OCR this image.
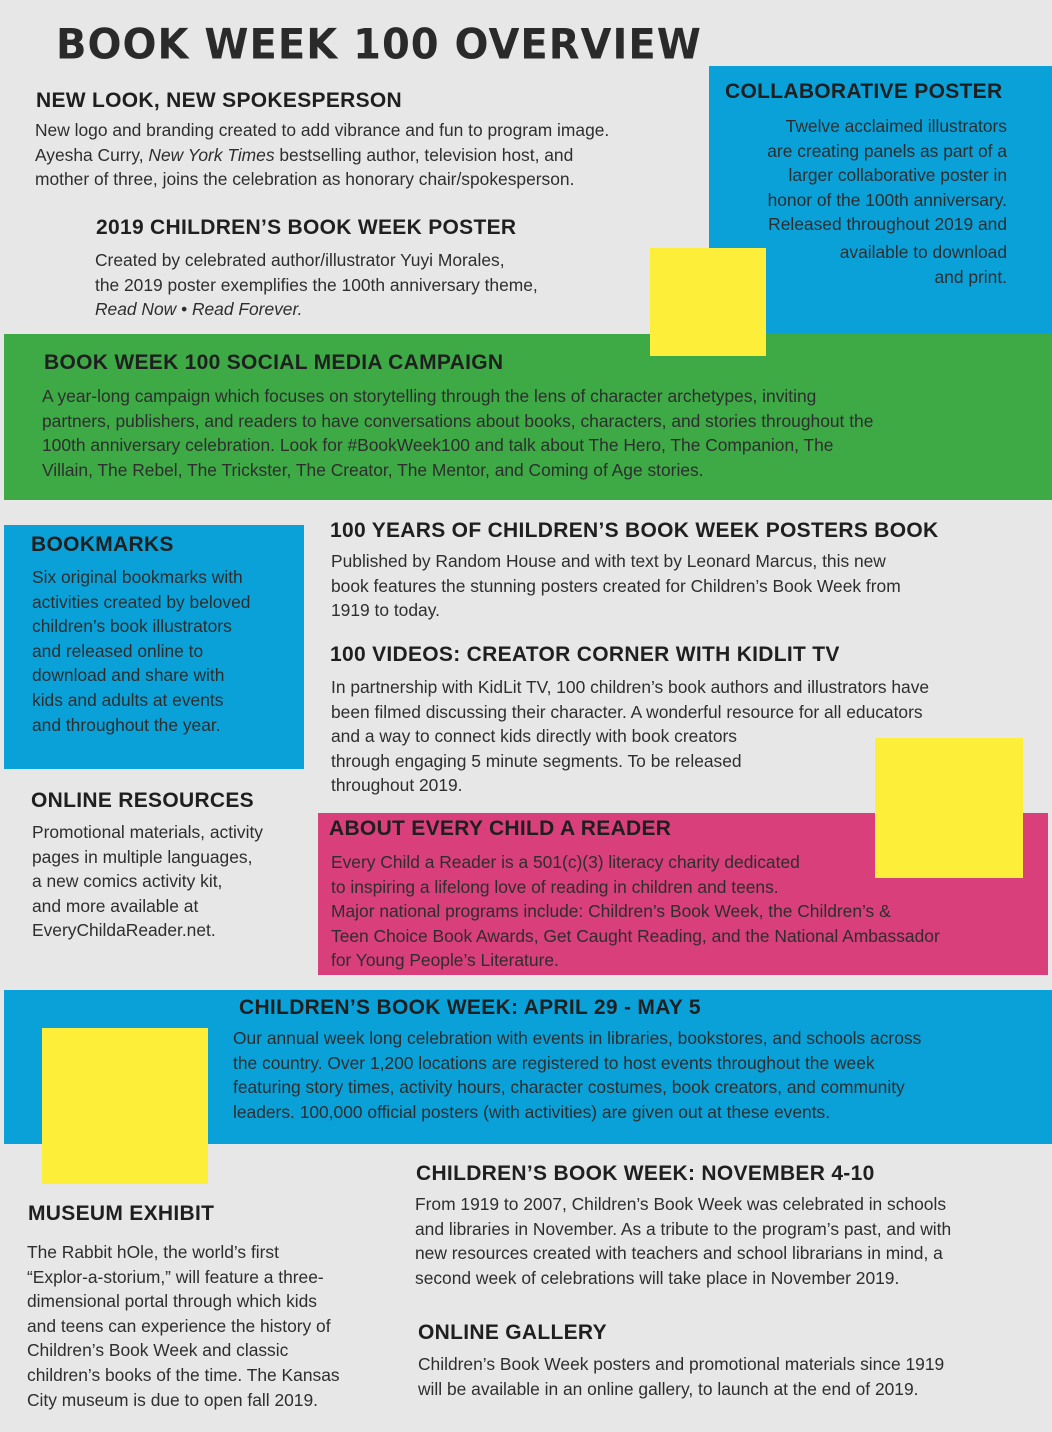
BOOK WEEK 100 OVERVIEW
NEW LOOK, NEW SPOKESPERSON
New logo and branding created to add vibrance and fun to program image.
Ayesha Curry, New York Times bestselling author, television host, and
mother of three, joins the celebration as honorary chair/spokesperson.
COLLABORATIVE POSTER
Twelve acclaimed illustrators
are creating panels as part of a
larger collaborative poster in
honor of the 100th anniversary.
Released throughout 2019 and
available to download
and print.
2019 CHILDREN’S BOOK WEEK POSTER
Created by celebrated author/illustrator Yuyi Morales,
the 2019 poster exemplifies the 100th anniversary theme,
Read Now • Read Forever.
BOOK WEEK 100 SOCIAL MEDIA CAMPAIGN
A year-long campaign which focuses on storytelling through the lens of character archetypes, inviting
partners, publishers, and readers to have conversations about books, characters, and stories throughout the
100th anniversary celebration. Look for #BookWeek100 and talk about The Hero, The Companion, The
Villain, The Rebel, The Trickster, The Creator, The Mentor, and Coming of Age stories.
BOOKMARKS
Six original bookmarks with
activities created by beloved
children’s book illustrators
and released online to
download and share with
kids and adults at events
and throughout the year.
100 YEARS OF CHILDREN’S BOOK WEEK POSTERS BOOK
Published by Random House and with text by Leonard Marcus, this new
book features the stunning posters created for Children’s Book Week from
1919 to today.
100 VIDEOS: CREATOR CORNER WITH KIDLIT TV
In partnership with KidLit TV, 100 children’s book authors and illustrators have
been filmed discussing their character. A wonderful resource for all educators
and a way to connect kids directly with book creators
through engaging 5 minute segments. To be released
throughout 2019.
ONLINE RESOURCES
Promotional materials, activity
pages in multiple languages,
a new comics activity kit,
and more available at
EveryChildaReader.net.
ABOUT EVERY CHILD A READER
Every Child a Reader is a 501(c)(3) literacy charity dedicated
to inspiring a lifelong love of reading in children and teens.
Major national programs include: Children’s Book Week, the Children’s &
Teen Choice Book Awards, Get Caught Reading, and the National Ambassador
for Young People’s Literature.
CHILDREN’S BOOK WEEK: APRIL 29 - MAY 5
Our annual week long celebration with events in libraries, bookstores, and schools across
the country. Over 1,200 locations are registered to host events throughout the week
featuring story times, activity hours, character costumes, book creators, and community
leaders. 100,000 official posters (with activities) are given out at these events.
CHILDREN’S BOOK WEEK: NOVEMBER 4-10
From 1919 to 2007, Children’s Book Week was celebrated in schools
and libraries in November. As a tribute to the program’s past, and with
new resources created with teachers and school librarians in mind, a
second week of celebrations will take place in November 2019.
MUSEUM EXHIBIT
The Rabbit hOle, the world’s first
“Explor-a-storium,” will feature a three-
dimensional portal through which kids
and teens can experience the history of
Children’s Book Week and classic
children’s books of the time. The Kansas
City museum is due to open fall 2019.
ONLINE GALLERY
Children’s Book Week posters and promotional materials since 1919
will be available in an online gallery, to launch at the end of 2019.
